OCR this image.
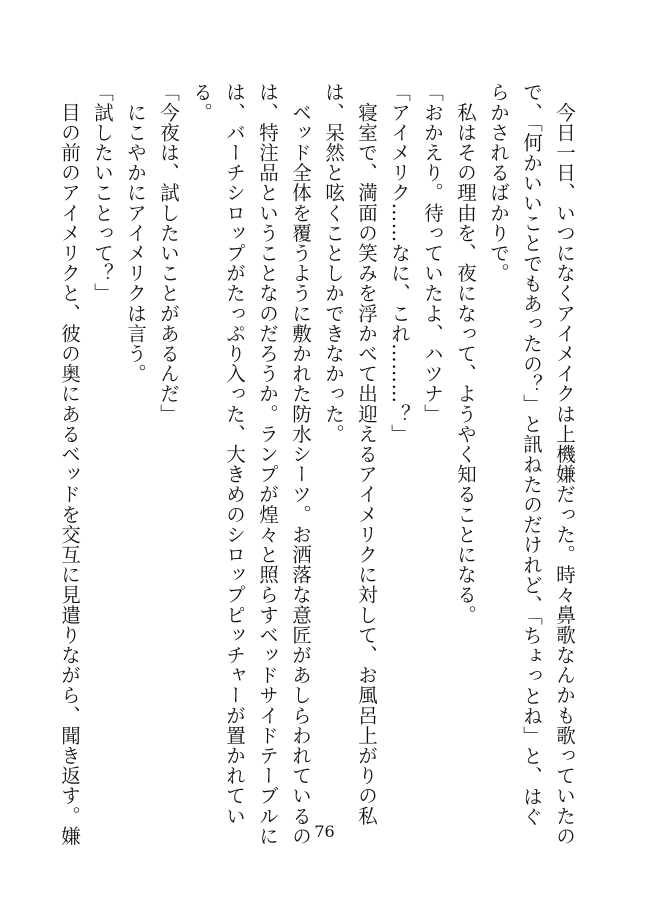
　今日一日、いつになくアイメイクは上機嫌だった。時々鼻歌なんかも歌っていたの
で、「何かいいことでもあったの？」と訊ねたのだけれど、「ちょっとね」と、はぐ
らかされるばかりで。
　私はその理由を、夜になって、ようやく知ることになる。
「おかえり。待っていたよ、ハツナ」
「アイメリク……なに、これ………？」
　寝室で、満面の笑みを浮かべて出迎えるアイメリクに対して、お風呂上がりの私
は、呆然と呟くことしかできなかった。
　ベッド全体を覆うように敷かれた防水シーツ。お洒落な意匠があしらわれているの
は、特注品ということなのだろうか。ランプが煌々と照らすベッドサイドテーブルに
は、バーチシロップがたっぷり入った、大きめのシロップピッチャーが置かれてい
る。
「今夜は、試したいことがあるんだ」
　にこやかにアイメリクは言う。
「試したいことって？」
　目の前のアイメリクと、彼の奥にあるベッドを交互に見遣りながら、聞き返す。嫌	76
